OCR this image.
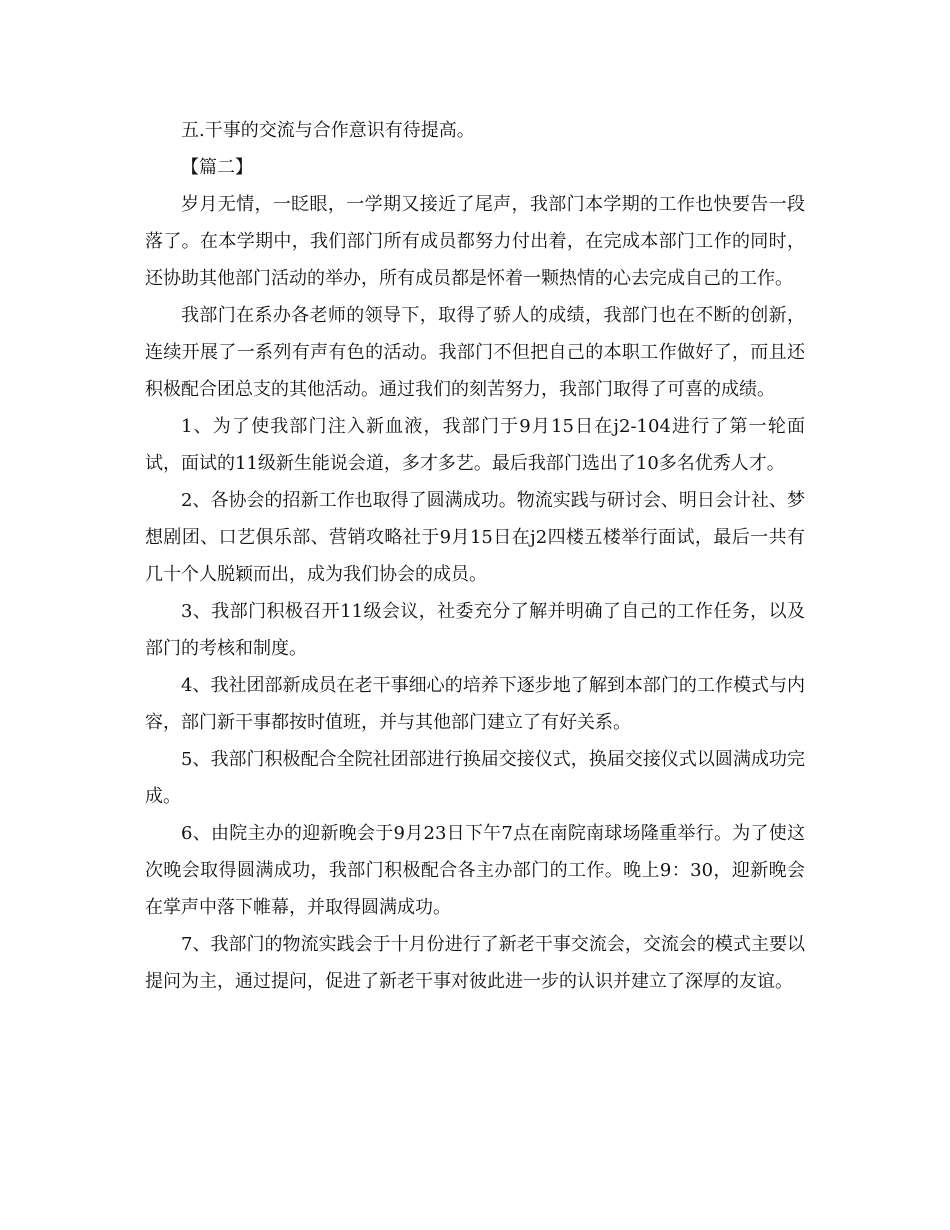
五.干事的交流与合作意识有待提高。

【篇二】

岁月无情，一眨眼，一学期又接近了尾声，我部门本学期的工作也快要告一段落了。在本学期中，我们部门所有成员都努力付出着，在完成本部门工作的同时，还协助其他部门活动的举办，所有成员都是怀着一颗热情的心去完成自己的工作。

我部门在系办各老师的领导下，取得了骄人的成绩，我部门也在不断的创新，连续开展了一系列有声有色的活动。我部门不但把自己的本职工作做好了，而且还积极配合团总支的其他活动。通过我们的刻苦努力，我部门取得了可喜的成绩。

1、为了使我部门注入新血液，我部门于9月15日在j2-104进行了第一轮面试，面试的11级新生能说会道，多才多艺。最后我部门选出了10多名优秀人才。

2、各协会的招新工作也取得了圆满成功。物流实践与研讨会、明日会计社、梦想剧团、口艺俱乐部、营销攻略社于9月15日在j2四楼五楼举行面试，最后一共有几十个人脱颖而出，成为我们协会的成员。

3、我部门积极召开11级会议，社委充分了解并明确了自己的工作任务，以及部门的考核和制度。

4、我社团部新成员在老干事细心的培养下逐步地了解到本部门的工作模式与内容，部门新干事都按时值班，并与其他部门建立了有好关系。

5、我部门积极配合全院社团部进行换届交接仪式，换届交接仪式以圆满成功完成。

6、由院主办的迎新晚会于9月23日下午7点在南院南球场隆重举行。为了使这次晚会取得圆满成功，我部门积极配合各主办部门的工作。晚上9：30，迎新晚会在掌声中落下帷幕，并取得圆满成功。

7、我部门的物流实践会于十月份进行了新老干事交流会，交流会的模式主要以提问为主，通过提问，促进了新老干事对彼此进一步的认识并建立了深厚的友谊。
